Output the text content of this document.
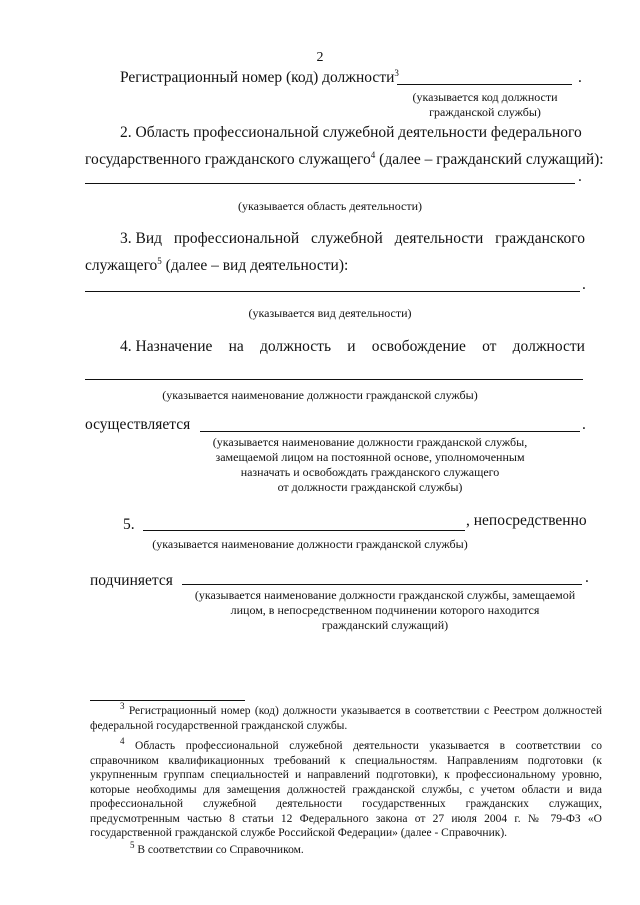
2
Регистрационный номер (код) должности$^3$	.
(указывается код должности
гражданской службы)
2. Область профессиональной служебной деятельности федерального
государственного гражданского служащего$^4$ (далее – гражданский служащий):
.
(указывается область деятельности)
3. Вид профессиональной служебной деятельности гражданского
служащего$^5$ (далее – вид деятельности):
.
(указывается вид деятельности)
4. Назначение на должность и освобождение от должности
(указывается наименование должности гражданской службы)
осуществляется	.
(указывается наименование должности гражданской службы,
замещаемой лицом на постоянной основе, уполномоченным
назначать и освобождать гражданского служащего
от должности гражданской службы)
5.	, непосредственно
(указывается наименование должности гражданской службы)
подчиняется	.
(указывается наименование должности гражданской службы, замещаемой
лицом, в непосредственном подчинении которого находится
гражданский служащий)

$^3$ Регистрационный номер (код) должности указывается в соответствии с Реестром должностей федеральной государственной гражданской службы.

$^4$ Область профессиональной служебной деятельности указывается в соответствии со справочником квалификационных требований к специальностям. Направлениям подготовки (к укрупненным группам специальностей и направлений подготовки), к профессиональному уровню, которые необходимы для замещения должностей гражданской службы, с учетом области и вида профессиональной служебной деятельности государственных гражданских служащих, предусмотренным частью 8 статьи 12 Федерального закона от 27 июля 2004 г. № 79-ФЗ «О государственной гражданской службе Российской Федерации» (далее - Справочник).

$^5$ В соответствии со Справочником.
